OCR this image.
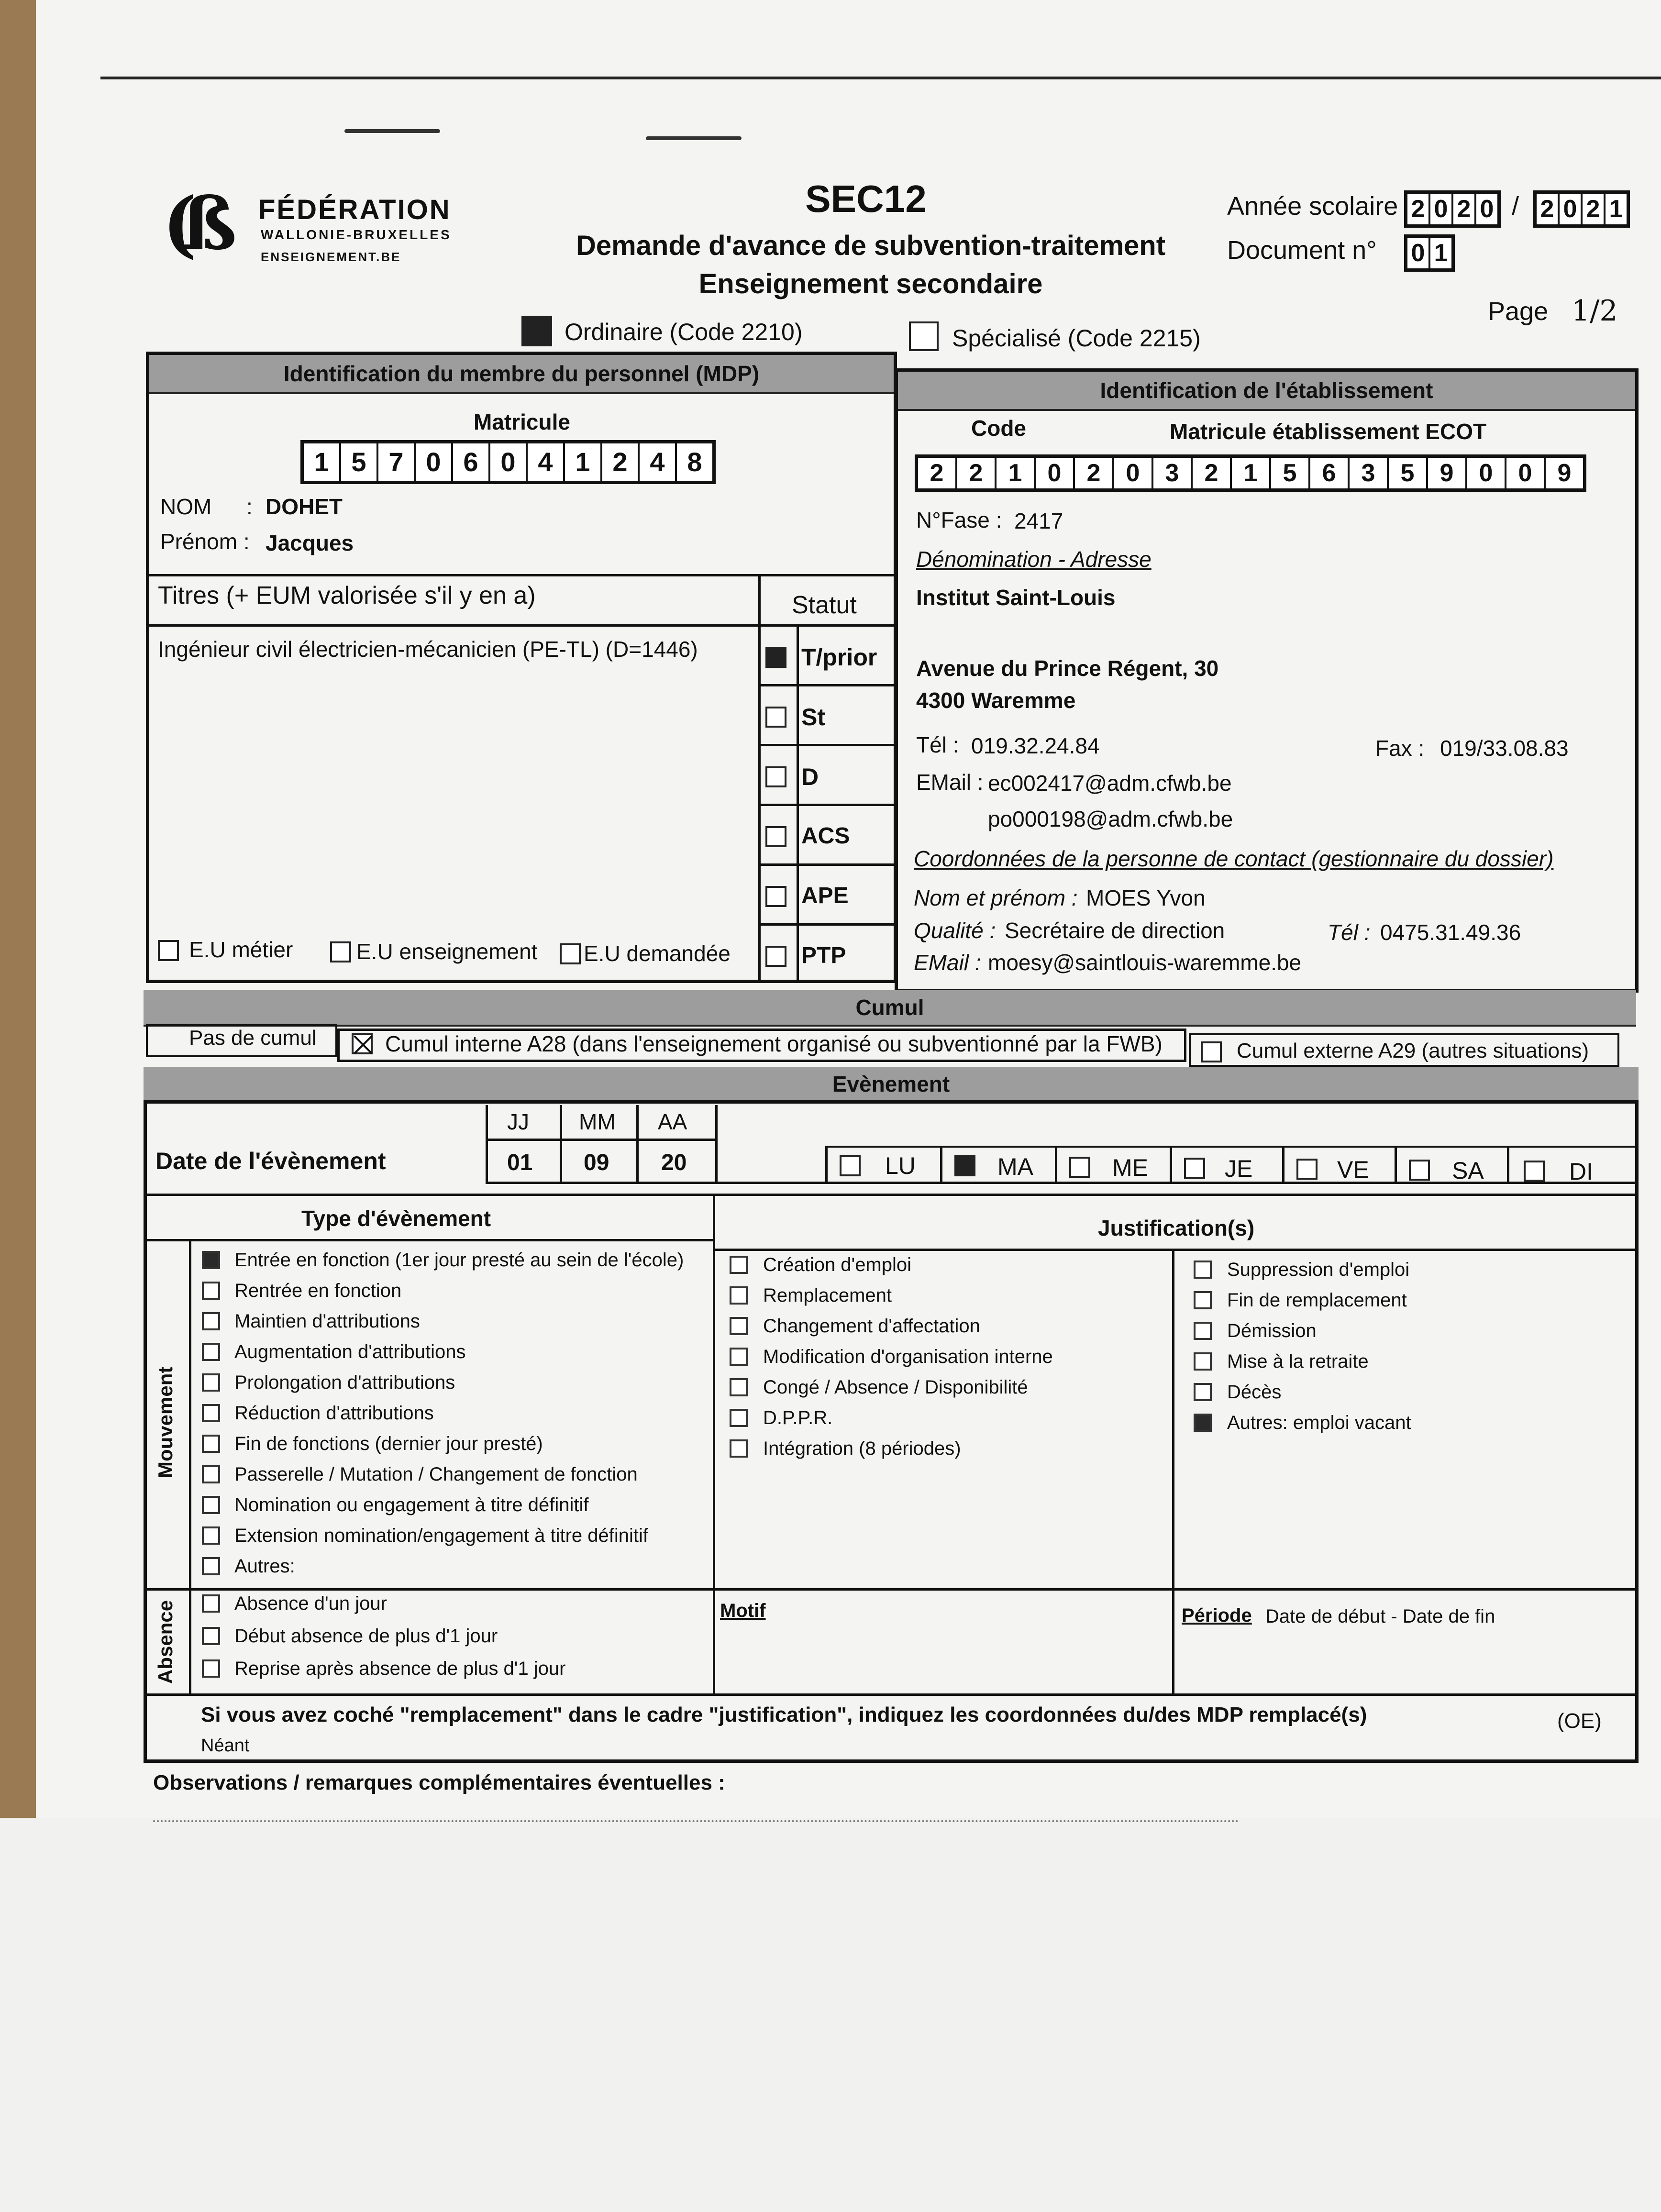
(ß FÉDÉRATION
WALLONIE-BRUXELLES
ENSEIGNEMENT.BE
SEC12
Demande d'avance de subvention-traitement
Enseignement secondaire
Année scolaire 2 0 2 0 / 2 0 2 1
Document n° 0 1
Page 1/2
Ordinaire (Code 2210)	Spécialisé (Code 2215)
Identification du membre du personnel (MDP)
Matricule
1 5 7 0 6 0 4 1 2 4 8
NOM : DOHET
Prénom : Jacques
Titres (+ EUM valorisée s'il y en a)	Statut
Ingénieur civil électricien-mécanicien (PE-TL) (D=1446)	T/prior
St
D
ACS
APE
PTP
E.U métier	E.U enseignement E.U demandée
Identification de l'établissement
Code	Matricule établissement ECOT
2	2	1	0	2	0	3	2	1	5	6	3	5	9	0	0	9
N°Fase : 2417
Dénomination - Adresse
Institut Saint-Louis
Avenue du Prince Régent, 30
4300 Waremme
Tél : 019.32.24.84	Fax : 019/33.08.83
EMail : ec002417@adm.cfwb.be
po000198@adm.cfwb.be
Coordonnées de la personne de contact (gestionnaire du dossier)
Nom et prénom : MOES Yvon
Qualité : Secrétaire de direction	Tél : 0475.31.49.36
EMail : moesy@saintlouis-waremme.be
Cumul
Pas de cumul	Cumul interne A28 (dans l'enseignement organisé ou subventionné par la FWB)	Cumul externe A29 (autres situations)
Evènement
Date de l'évènement
JJ MM AA
01 09 20	LU	MA	ME	JE	VE	SA	DI
Type d'évènement	Justification(s)
Mouvement
Entrée en fonction (1er jour presté au sein de l'école)
Rentrée en fonction
Maintien d'attributions
Augmentation d'attributions
Prolongation d'attributions
Réduction d'attributions
Fin de fonctions (dernier jour presté)
Passerelle / Mutation / Changement de fonction
Nomination ou engagement à titre définitif
Extension nomination/engagement à titre définitif
Autres:
Création d'emploi
Remplacement
Changement d'affectation
Modification d'organisation interne
Congé / Absence / Disponibilité
D.P.P.R.
Intégration (8 périodes)
Suppression d'emploi
Fin de remplacement
Démission
Mise à la retraite
Décès
Autres: emploi vacant
Absence	Absence d'un jour
Début absence de plus d'1 jour
Reprise après absence de plus d'1 jour
Motif	Période Date de début - Date de fin
Si vous avez coché "remplacement" dans le cadre "justification", indiquez les coordonnées du/des MDP remplacé(s)	(OE)
Néant
Observations / remarques complémentaires éventuelles :
